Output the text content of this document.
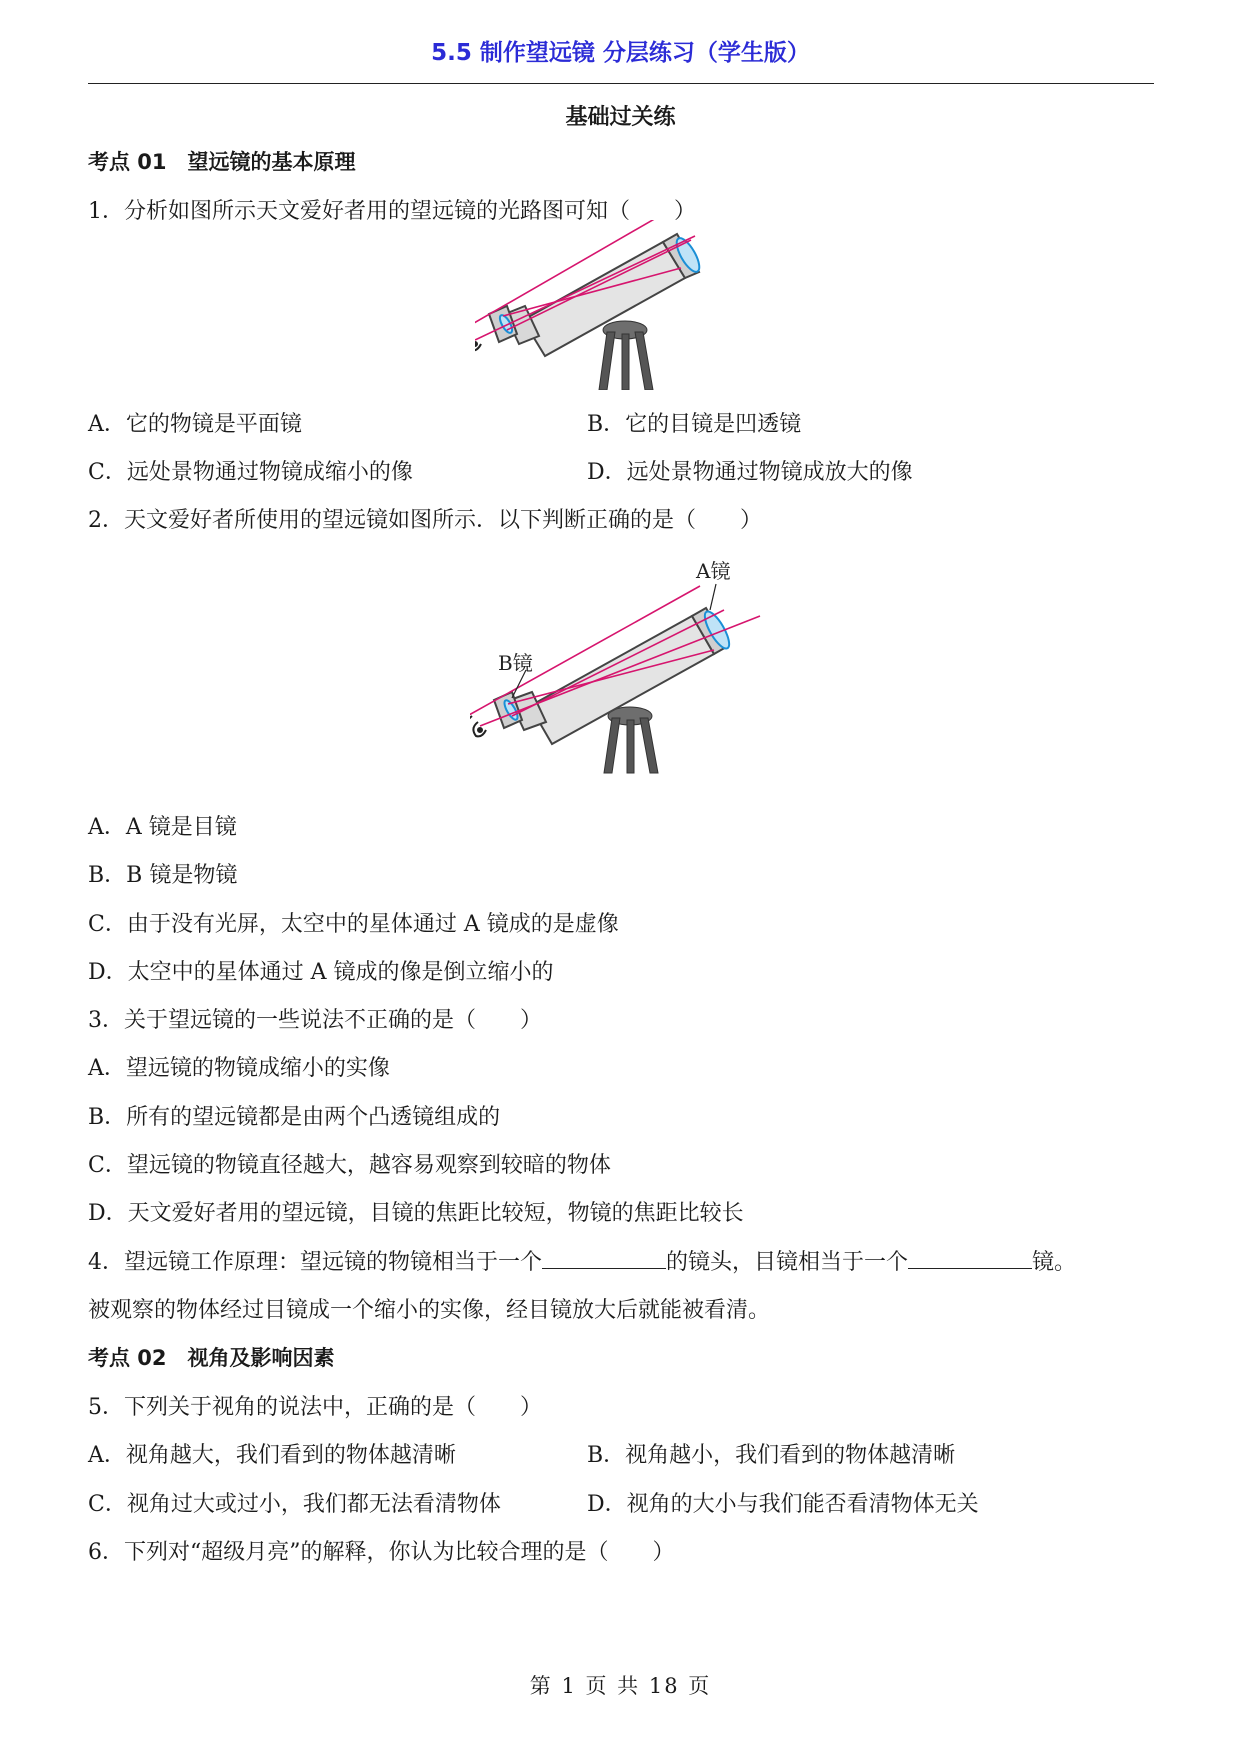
5.5 制作望远镜 分层练习（学生版）
基础过关练
考点 01　望远镜的基本原理
1．分析如图所示天文爱好者用的望远镜的光路图可知（　　）
A．它的物镜是平面镜	B．它的目镜是凹透镜
C．远处景物通过物镜成缩小的像	D．远处景物通过物镜成放大的像
2．天文爱好者所使用的望远镜如图所示．以下判断正确的是（　　）
A镜
B镜
A．A 镜是目镜
B．B 镜是物镜
C．由于没有光屏，太空中的星体通过 A 镜成的是虚像
D．太空中的星体通过 A 镜成的像是倒立缩小的
3．关于望远镜的一些说法不正确的是（　　）
A．望远镜的物镜成缩小的实像
B．所有的望远镜都是由两个凸透镜组成的
C．望远镜的物镜直径越大，越容易观察到较暗的物体
D．天文爱好者用的望远镜，目镜的焦距比较短，物镜的焦距比较长
4．望远镜工作原理：望远镜的物镜相当于一个	的镜头，目镜相当于一个	镜。
被观察的物体经过目镜成一个缩小的实像，经目镜放大后就能被看清。
考点 02　视角及影响因素
5．下列关于视角的说法中，正确的是（　　）
A．视角越大，我们看到的物体越清晰	B．视角越小，我们看到的物体越清晰
C．视角过大或过小，我们都无法看清物体	D．视角的大小与我们能否看清物体无关
6．下列对“超级月亮”的解释，你认为比较合理的是（　　）
第 1 页 共 18 页
